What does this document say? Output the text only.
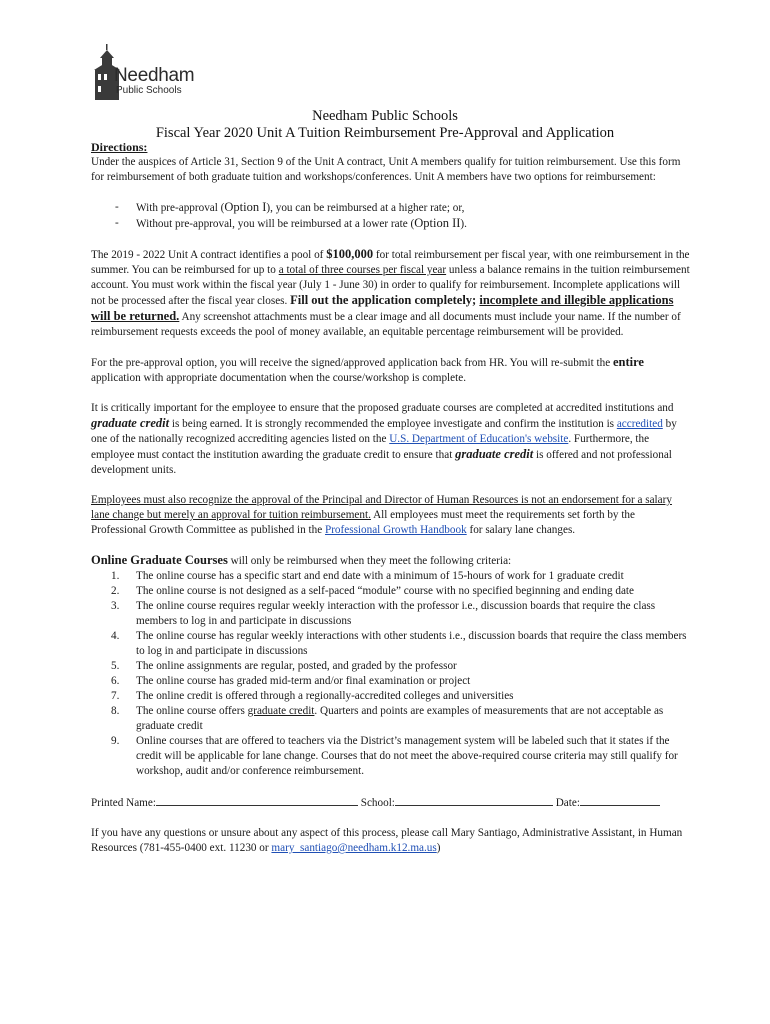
Needham
Public Schools
Needham Public Schools
Fiscal Year 2020 Unit A Tuition Reimbursement Pre-Approval and Application

Directions:

Under the auspices of Article 31, Section 9 of the Unit A contract, Unit A members qualify for tuition reimbursement. Use this form for reimbursement of both graduate tuition and workshops/conferences. Unit A members have two options for reimbursement:

- With pre-approval (Option I), you can be reimbursed at a higher rate; or,

- Without pre-approval, you will be reimbursed at a lower rate (Option II).

The 2019 - 2022 Unit A contract identifies a pool of $100,000 for total reimbursement per fiscal year, with one reimbursement in the summer. You can be reimbursed for up to a total of three courses per fiscal year unless a balance remains in the tuition reimbursement account. You must work within the fiscal year (July 1 - June 30) in order to qualify for reimbursement. Incomplete applications will not be processed after the fiscal year closes. Fill out the application completely; incomplete and illegible applications will be returned. Any screenshot attachments must be a clear image and all documents must include your name. If the number of reimbursement requests exceeds the pool of money available, an equitable percentage reimbursement will be provided.

For the pre-approval option, you will receive the signed/approved application back from HR. You will re-submit the entire application with appropriate documentation when the course/workshop is complete.

It is critically important for the employee to ensure that the proposed graduate courses are completed at accredited institutions and graduate credit is being earned. It is strongly recommended the employee investigate and confirm the institution is accredited by one of the nationally recognized accrediting agencies listed on the U.S. Department of Education's website. Furthermore, the employee must contact the institution awarding the graduate credit to ensure that graduate credit is offered and not professional development units.

Employees must also recognize the approval of the Principal and Director of Human Resources is not an endorsement for a salary lane change but merely an approval for tuition reimbursement. All employees must meet the requirements set forth by the Professional Growth Committee as published in the Professional Growth Handbook for salary lane changes.

Online Graduate Courses will only be reimbursed when they meet the following criteria:

1. The online course has a specific start and end date with a minimum of 15-hours of work for 1 graduate credit
2. The online course is not designed as a self-paced “module” course with no specified beginning and ending date
3. The online course requires regular weekly interaction with the professor i.e., discussion boards that require the class members to log in and participate in discussions
4. The online course has regular weekly interactions with other students i.e., discussion boards that require the class members to log in and participate in discussions
5. The online assignments are regular, posted, and graded by the professor
6. The online course has graded mid-term and/or final examination or project
7. The online credit is offered through a regionally-accredited colleges and universities
8. The online course offers graduate credit. Quarters and points are examples of measurements that are not acceptable as graduate credit
9. Online courses that are offered to teachers via the District’s management system will be labeled such that it states if the credit will be applicable for lane change. Courses that do not meet the above-required course criteria may still qualify for workshop, audit and/or conference reimbursement.

Printed Name:	School:	Date:

If you have any questions or unsure about any aspect of this process, please call Mary Santiago, Administrative Assistant, in Human Resources (781-455-0400 ext. 11230 or mary_santiago@needham.k12.ma.us)
